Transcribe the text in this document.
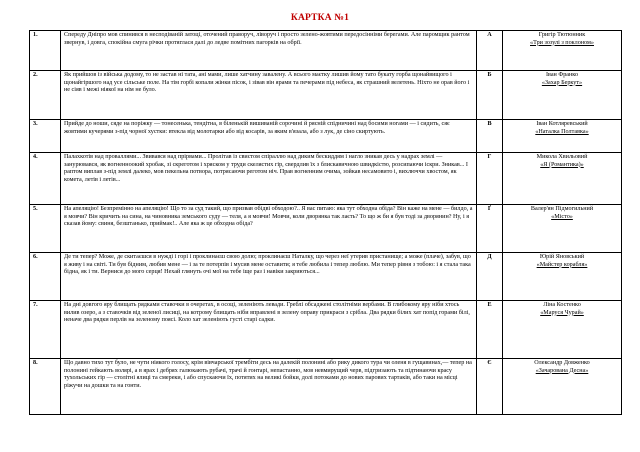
КАРТКА №1
1.	Спереду Дніпро мов спинився в несподіваній затоці, оточений праворуч, ліворуч і просто зелено-жовтими передосінніми берегами. Але паромщик рантом звернув, і довга, спокійна смуга річки протяглася далі до ледве помітних пагорків на обрії.	А	Григір Тютюнник
«Три зозулі з поклоном»

2.	Як прийшов із війська додому, то не застав ні тата, ані мами, лише хатчину завалену. А всього маєтку лишив йому тато букату горба щонайвищого і щонайгіршого над усе сільське поле. На тім горбі копали жінки пісок, і зівав він ярами та печерами під небеса, як страшний велетень. Ніхто не орав його і не сіяв і межі ніякої на нім не було.	Б	Іван Франко
«Захар Беркут»

3.	Прийде до ноши, сяде на поріжку — тонесенька, тендітна, в біленькій вишиваній сорочині й рясній спідничині над босими ногами — і сидить, сяє жовтими кучерями з-під чорної хустки: втекла від молотарки або від косарів, за яким в'язала, або з лук, де сіно скиртують.	В	Іван Котляревський
«Наталка Полтавка»

4.	Палахкотів над проваллями... Звивався над прірвами... Пролітав із свистом спіраллю над диким бескиддям і нагло зникав десь у надрах землі — занурювався, як вогненноокий хробак, зі скреготом і хряском у труди скелястих гір, свердлив їх з блискавичною швидкістю, розсипаючи іскри. Зникав... І раптом виплав з-під землі далеко, мов пекельна потвора, потрясаючи реготом ніч. Прав вогненним очима, зойкав несамовито і, вихлюччи хвостом, як комета, летів і летів...	Г	Микола Хвильовий
«Я (Романтика)»

5.	На апеляцію! Безпремінно на апеляцію! Що то за суд такий, що призвав обідві обходою?.. Я вас питаю: яка тут обходна обіда? Він каже на мене — билдо, а я мовчи? Він кричить на сина, на чиновника земського суду — теля, а я мовчи! Мовчи, коли дворянка так лаєть? То що ж би я був тоді за дворянин? Ну, і я сказав йому: свиня, безштанько, приймак!.. Але яка ж це обходна обіда?	Ґ	Валер'ян Підмогильний
«Місто»

6.	Де ти тепер? Може, де скитаєшся в нужді і горі і проклинаєш свою долю; проклинаєш Наталку, що через неї утерив пристанище; а може (плаче), забув, що я живу і на світі. Ти був бідним, любив мене — і за те потерпів і мусив мене оставити; я тебе любила і тепер люблю. Ми тепер рівня з тобою: і я стала така бідна, як і ти. Вернися до мого серця! Нехай глянуть очі мої на тебе іще раз і навіки закриються...	Д	Юрій Яновський
«Майстер корабля»

7.	На дні довгого яру блищать рядками ставочки в очеретах, в осоці, зеленіють левади. Греблі обсаджені столітніми вербами. В глибокому яру ніби хтось вилив озеро, а з ставочків від зеленої лисиці, на котрому блищать ніби вправлені в зелену оправу прикраси з срібла. Два рядки білих хат попід горами білі, неначе два рядки перлів на зеленому поясі. Коло хат зеленіють густі старі садки.	Е	Ліна Костенко
«Маруся Чурай»

8.	Що давно тихо тут було, не чути ніякого голосу, крім вівчарської трембіти десь на далекій полонині або рику дикого тура чи оленя в гущавинах,— тепер на полонині гейкають волярі, а в ярах і дебрях галюкають рубачі, трачі й гонтарі, непастанно, мов невмирущий черв, підгризають та підтинаючи красу тухольських гір — столітні ялиці та смереки, і або спускаючи їх, потятих на великі бойки, долі потоками до нових парових тартаків, або таки на місці ріжучи на дошки та на гонти.	Є	Олександр Довженко
«Зачарована Десна»
